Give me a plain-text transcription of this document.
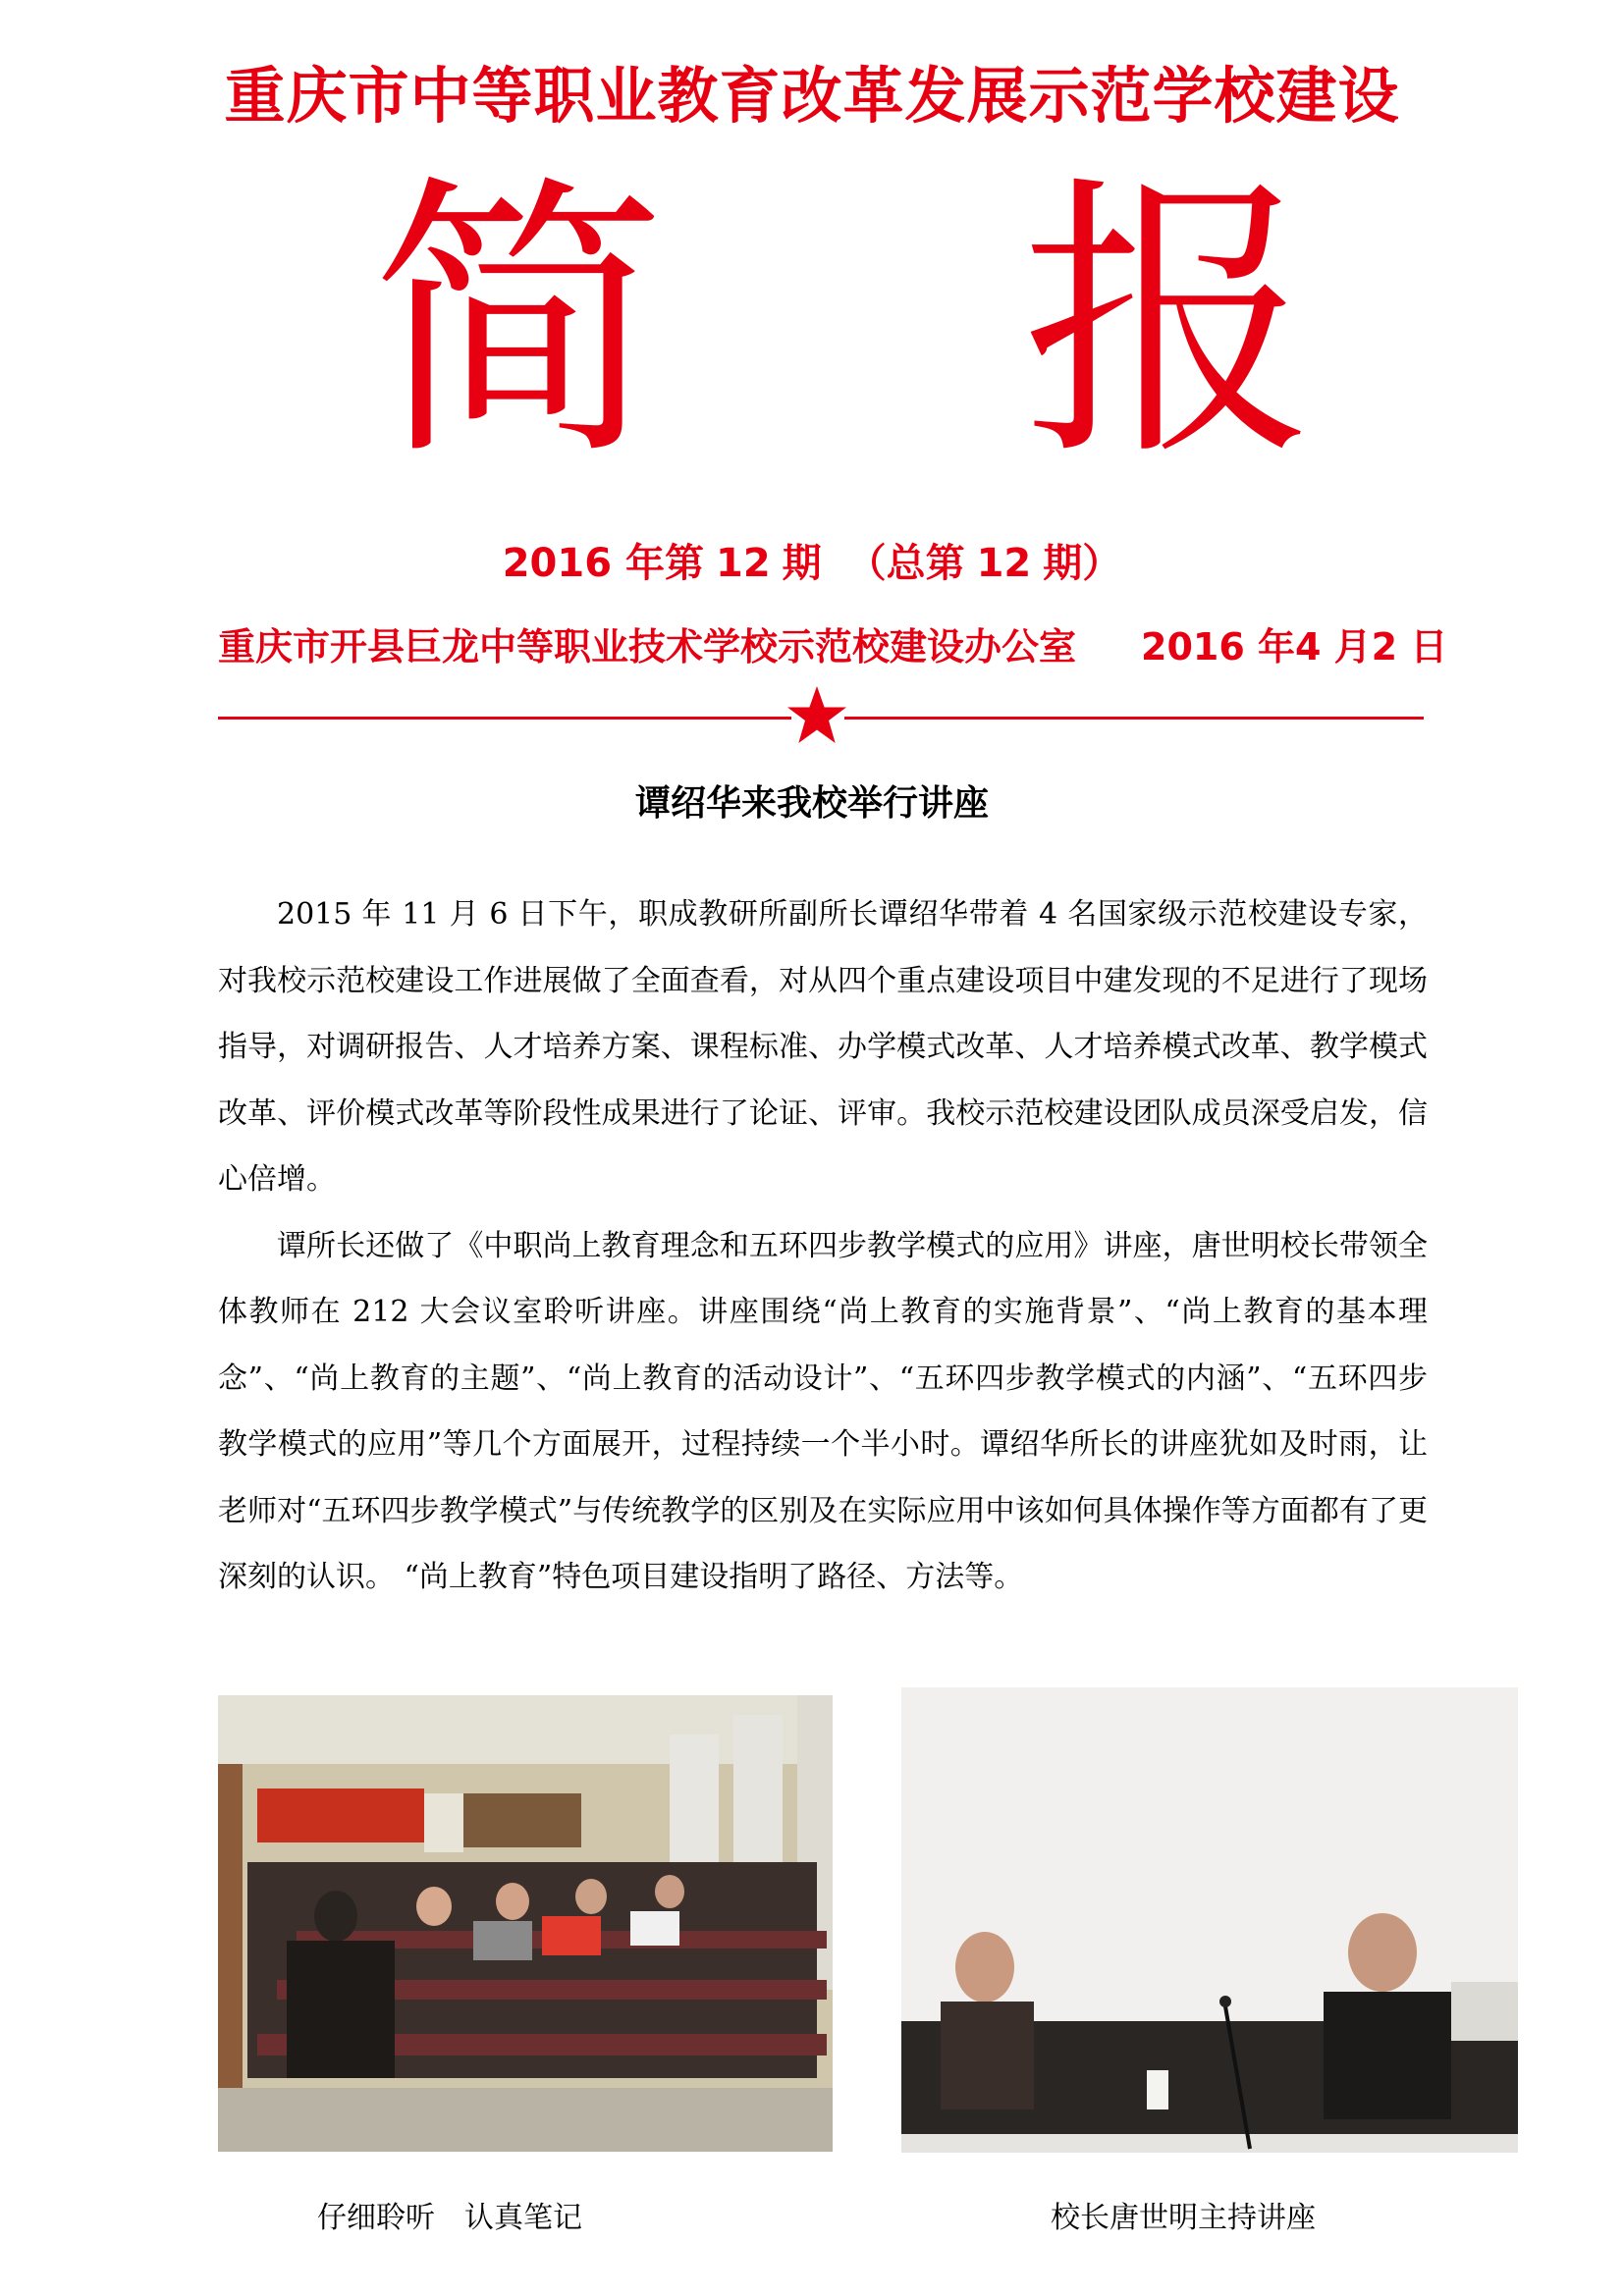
重庆市中等职业教育改革发展示范学校建设
简 报
2016 年第 12 期 （总第 12 期）
重庆市开县巨龙中等职业技术学校示范校建设办公室 2016 年4 月2 日
谭绍华来我校举行讲座

2015 年 11 月 6 日下午，职成教研所副所长谭绍华带着 4 名国家级示范校建设专家，对我校示范校建设工作进展做了全面查看，对从四个重点建设项目中建发现的不足进行了现场指导，对调研报告、人才培养方案、课程标准、办学模式改革、人才培养模式改革、教学模式改革、评价模式改革等阶段性成果进行了论证、评审。我校示范校建设团队成员深受启发，信心倍增。

谭所长还做了《中职尚上教育理念和五环四步教学模式的应用》讲座，唐世明校长带领全体教师在 212 大会议室聆听讲座。讲座围绕“尚上教育的实施背景”、“尚上教育的基本理念”、“尚上教育的主题”、“尚上教育的活动设计”、“五环四步教学模式的内涵”、“五环四步教学模式的应用”等几个方面展开，过程持续一个半小时。谭绍华所长的讲座犹如及时雨，让老师对“五环四步教学模式”与传统教学的区别及在实际应用中该如何具体操作等方面都有了更深刻的认识。 “尚上教育”特色项目建设指明了路径、方法等。

仔细聆听　认真笔记	校长唐世明主持讲座
